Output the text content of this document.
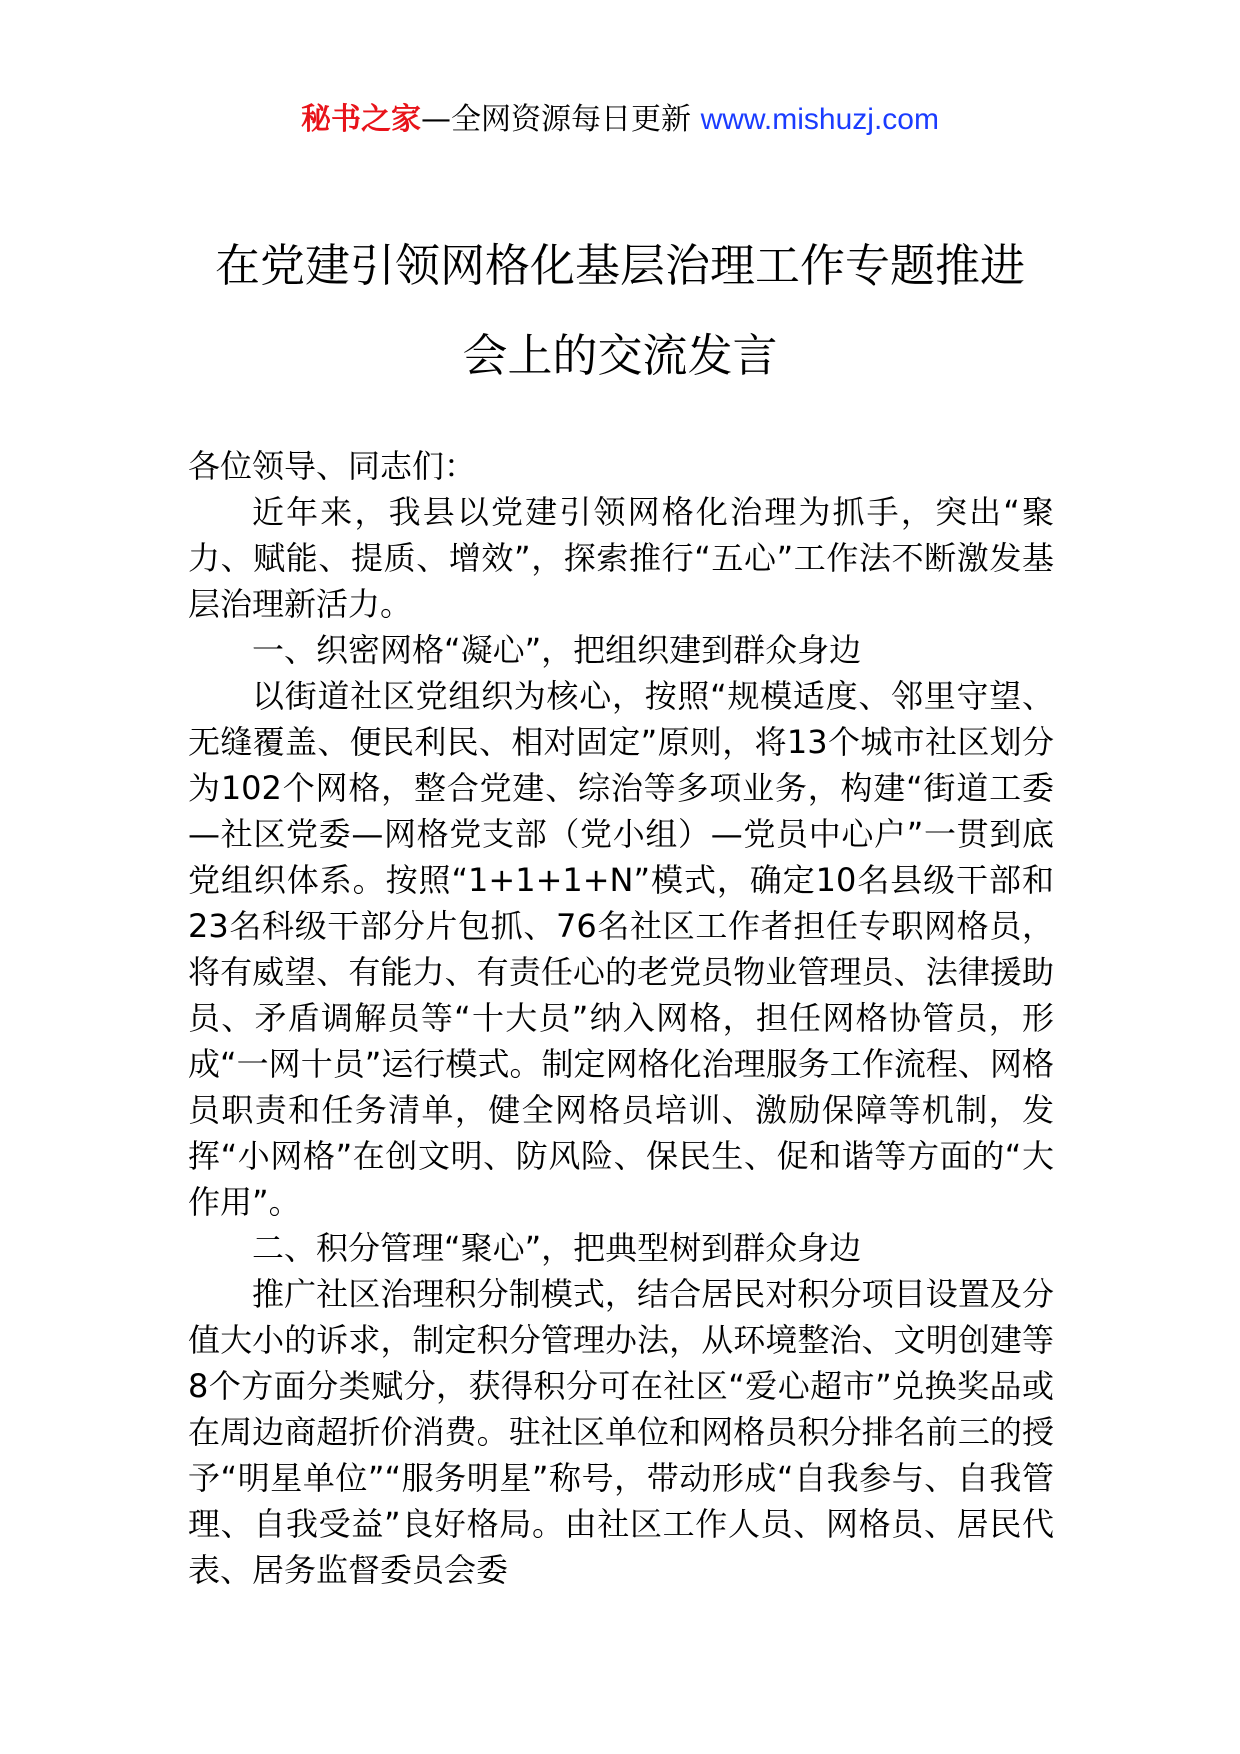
秘书之家—全网资源每日更新 www.mishuzj.com
在党建引领网格化基层治理工作专题推进
会上的交流发言

各位领导、同志们：

近年来，我县以党建引领网格化治理为抓手，突出“聚力、赋能、提质、增效”，探索推行“五心”工作法不断激发基层治理新活力。

一、织密网格“凝心”，把组织建到群众身边

以街道社区党组织为核心，按照“规模适度、邻里守望、无缝覆盖、便民利民、相对固定”原则，将13个城市社区划分为102个网格，整合党建、综治等多项业务，构建“街道工委—社区党委—网格党支部（党小组）—党员中心户”一贯到底党组织体系。按照“1+1+1+N”模式，确定10名县级干部和23名科级干部分片包抓、76名社区工作者担任专职网格员，将有威望、有能力、有责任心的老党员物业管理员、法律援助员、矛盾调解员等“十大员”纳入网格，担任网格协管员，形成“一网十员”运行模式。制定网格化治理服务工作流程、网格员职责和任务清单，健全网格员培训、激励保障等机制，发挥“小网格”在创文明、防风险、保民生、促和谐等方面的“大作用”。

二、积分管理“聚心”，把典型树到群众身边

推广社区治理积分制模式，结合居民对积分项目设置及分值大小的诉求，制定积分管理办法，从环境整治、文明创建等8个方面分类赋分，获得积分可在社区“爱心超市”兑换奖品或在周边商超折价消费。驻社区单位和网格员积分排名前三的授予“明星单位”“服务明星”称号，带动形成“自我参与、自我管理、自我受益”良好格局。由社区工作人员、网格员、居民代表、居务监督委员会委
